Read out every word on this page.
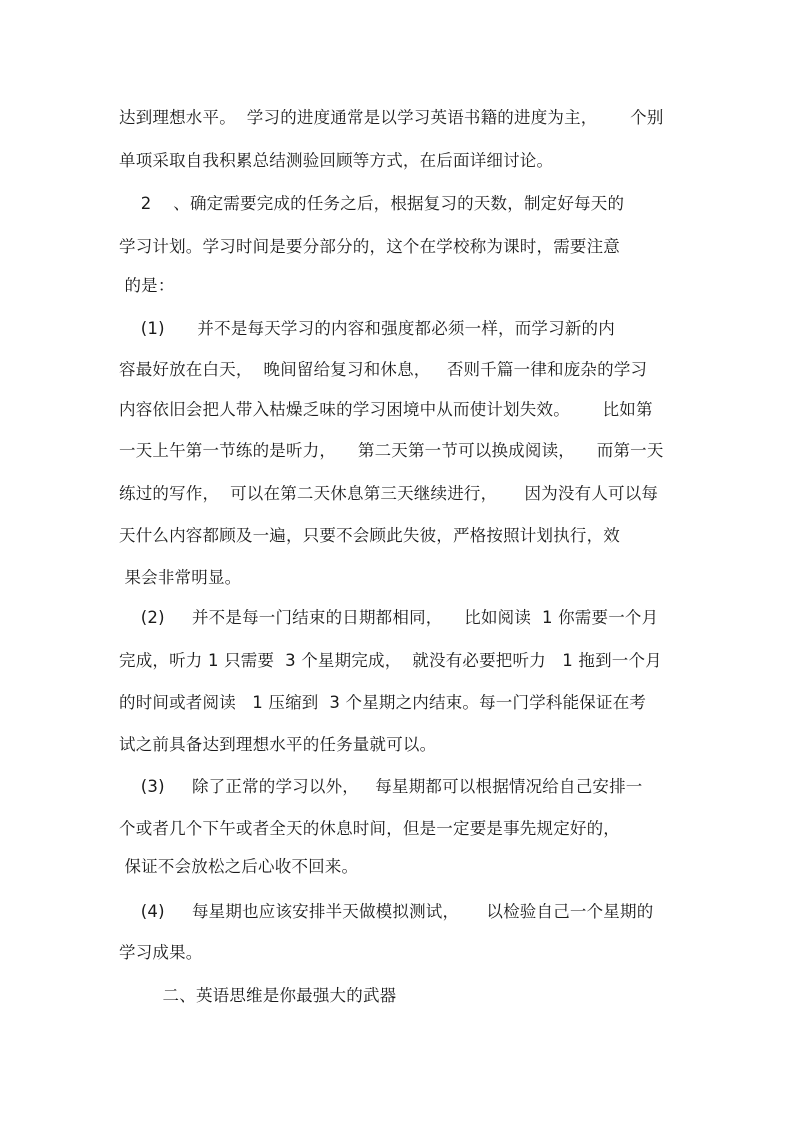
达到理想水平。  学习的进度通常是以学习英语书籍的进度为主，      个别
单项采取自我积累总结测验回顾等方式，在后面详细讨论。
2    、确定需要完成的任务之后，根据复习的天数，制定好每天的
学习计划。学习时间是要分部分的，这个在学校称为课时，需要注意
的是：
(1)      并不是每天学习的内容和强度都必须一样，而学习新的内
容最好放在白天，  晚间留给复习和休息，   否则千篇一律和庞杂的学习
内容依旧会把人带入枯燥乏味的学习困境中从而使计划失效。      比如第
一天上午第一节练的是听力，    第二天第一节可以换成阅读，    而第一天
练过的写作，  可以在第二天休息第三天继续进行，     因为没有人可以每
天什么内容都顾及一遍，只要不会顾此失彼，严格按照计划执行，效
果会非常明显。
(2)     并不是每一门结束的日期都相同，    比如阅读  1 你需要一个月
完成，听力 1 只需要  3 个星期完成，  就没有必要把听力   1 拖到一个月
的时间或者阅读   1 压缩到  3 个星期之内结束。每一门学科能保证在考
试之前具备达到理想水平的任务量就可以。
(3)     除了正常的学习以外，   每星期都可以根据情况给自己安排一
个或者几个下午或者全天的休息时间，但是一定要是事先规定好的，
保证不会放松之后心收不回来。
(4)     每星期也应该安排半天做模拟测试，     以检验自己一个星期的
学习成果。
二、英语思维是你最强大的武器
